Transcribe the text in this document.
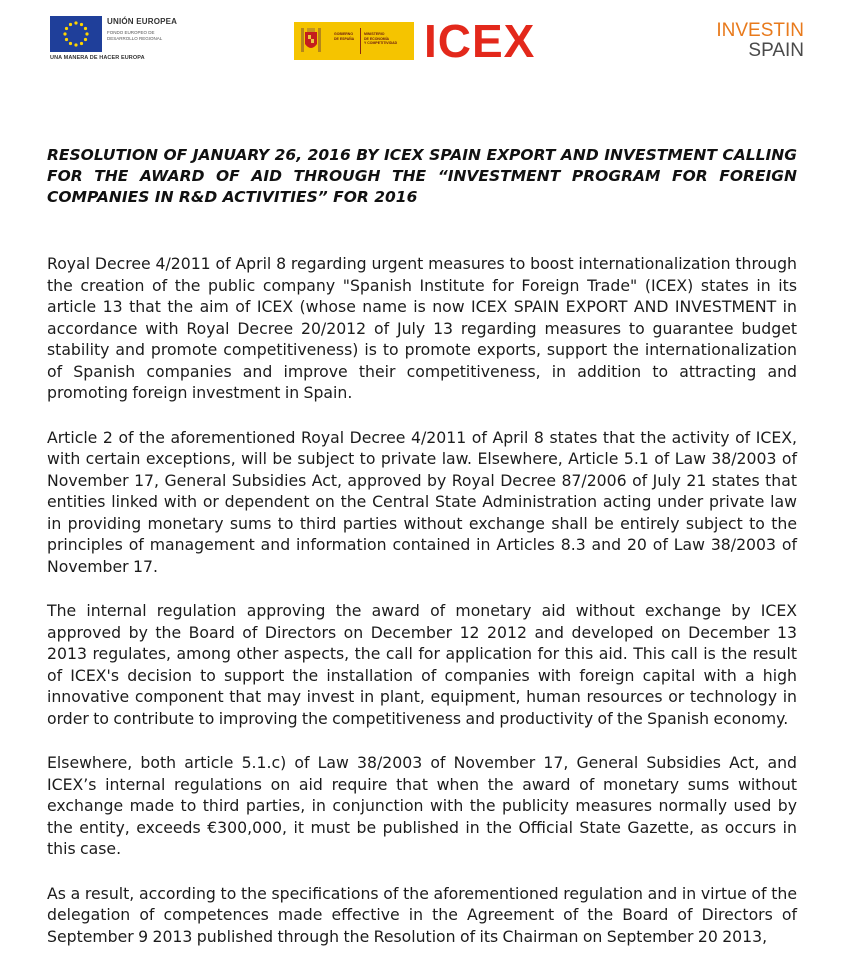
UNIÓN EUROPEA
FONDO EUROPEO DE
DESARROLLO REGIONAL
UNA MANERA DE HACER EUROPA
GOBIERNO
DE ESPAÑA
MINISTERIO
DE ECONOMÍA
Y COMPETITIVIDAD ICEX	INVESTIN
SPAIN
RESOLUTION OF JANUARY 26, 2016 BY ICEX SPAIN EXPORT AND INVESTMENT CALLING FOR THE AWARD OF AID THROUGH THE “INVESTMENT PROGRAM FOR FOREIGN COMPANIES IN R&D ACTIVITIES” FOR 2016

Royal Decree 4/2011 of April 8 regarding urgent measures to boost internationalization through the creation of the public company "Spanish Institute for Foreign Trade" (ICEX) states in its article 13 that the aim of ICEX (whose name is now ICEX SPAIN EXPORT AND INVESTMENT in accordance with Royal Decree 20/2012 of July 13 regarding measures to guarantee budget stability and promote competitiveness) is to promote exports, support the internationalization of Spanish companies and improve their competitiveness, in addition to attracting and promoting foreign investment in Spain.

Article 2 of the aforementioned Royal Decree 4/2011 of April 8 states that the activity of ICEX, with certain exceptions, will be subject to private law. Elsewhere, Article 5.1 of Law 38/2003 of November 17, General Subsidies Act, approved by Royal Decree 87/2006 of July 21 states that entities linked with or dependent on the Central State Administration acting under private law in providing monetary sums to third parties without exchange shall be entirely subject to the principles of management and information contained in Articles 8.3 and 20 of Law 38/2003 of November 17.

The internal regulation approving the award of monetary aid without exchange by ICEX approved by the Board of Directors on December 12 2012 and developed on December 13 2013 regulates, among other aspects, the call for application for this aid. This call is the result of ICEX's decision to support the installation of companies with foreign capital with a high innovative component that may invest in plant, equipment, human resources or technology in order to contribute to improving the competitiveness and productivity of the Spanish economy.

Elsewhere, both article 5.1.c) of Law 38/2003 of November 17, General Subsidies Act, and ICEX’s internal regulations on aid require that when the award of monetary sums without exchange made to third parties, in conjunction with the publicity measures normally used by the entity, exceeds €300,000, it must be published in the Official State Gazette, as occurs in this case.

As a result, according to the specifications of the aforementioned regulation and in virtue of the delegation of competences made effective in the Agreement of the Board of Directors of September 9 2013 published through the Resolution of its Chairman on September 20 2013,
